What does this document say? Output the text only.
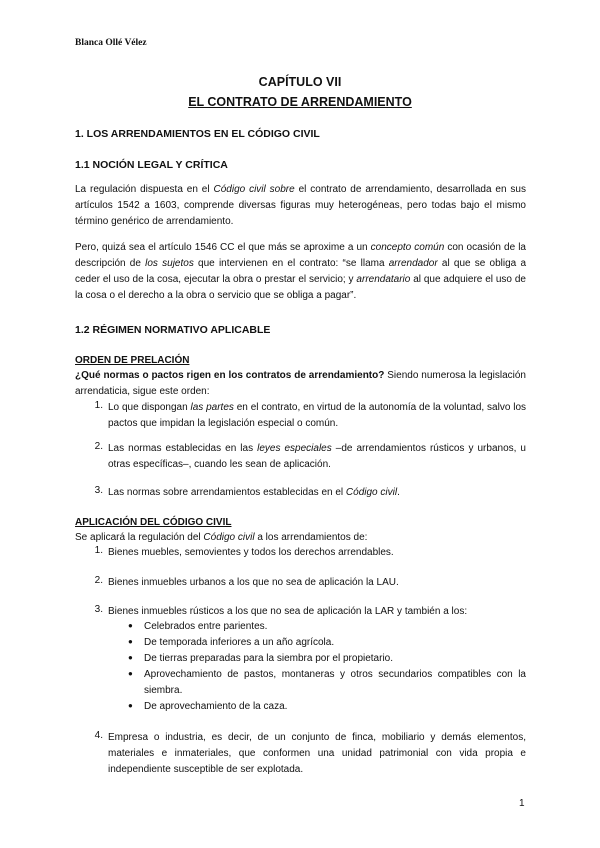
Blanca Ollé Vélez
CAPÍTULO VII
EL CONTRATO DE ARRENDAMIENTO
1. LOS ARRENDAMIENTOS EN EL CÓDIGO CIVIL
1.1 NOCIÓN LEGAL Y CRÍTICA

La regulación dispuesta en el Código civil sobre el contrato de arrendamiento, desarrollada en sus artículos 1542 a 1603, comprende diversas figuras muy heterogéneas, pero todas bajo el mismo término genérico de arrendamiento.

Pero, quizá sea el artículo 1546 CC el que más se aproxime a un concepto común con ocasión de la descripción de los sujetos que intervienen en el contrato: “se llama arrendador al que se obliga a ceder el uso de la cosa, ejecutar la obra o prestar el servicio; y arrendatario al que adquiere el uso de la cosa o el derecho a la obra o servicio que se obliga a pagar”.

1.2 RÉGIMEN NORMATIVO APLICABLE
ORDEN DE PRELACIÓN

¿Qué normas o pactos rigen en los contratos de arrendamiento? Siendo numerosa la legislación arrendaticia, sigue este orden:

1. Lo que dispongan las partes en el contrato, en virtud de la autonomía de la voluntad, salvo los pactos que impidan la legislación especial o común.

2. Las normas establecidas en las leyes especiales –de arrendamientos rústicos y urbanos, u otras específicas–, cuando les sean de aplicación.

3. Las normas sobre arrendamientos establecidas en el Código civil.

APLICACIÓN DEL CÓDIGO CIVIL

Se aplicará la regulación del Código civil a los arrendamientos de:

1. Bienes muebles, semovientes y todos los derechos arrendables.

2. Bienes inmuebles urbanos a los que no sea de aplicación la LAU.

3. Bienes inmuebles rústicos a los que no sea de aplicación la LAR y también a los:

● Celebrados entre parientes.

● De temporada inferiores a un año agrícola.

● De tierras preparadas para la siembra por el propietario.

● Aprovechamiento de pastos, montaneras y otros secundarios compatibles con la siembra.

● De aprovechamiento de la caza.

4. Empresa o industria, es decir, de un conjunto de finca, mobiliario y demás elementos, materiales e inmateriales, que conformen una unidad patrimonial con vida propia e independiente susceptible de ser explotada.

1
